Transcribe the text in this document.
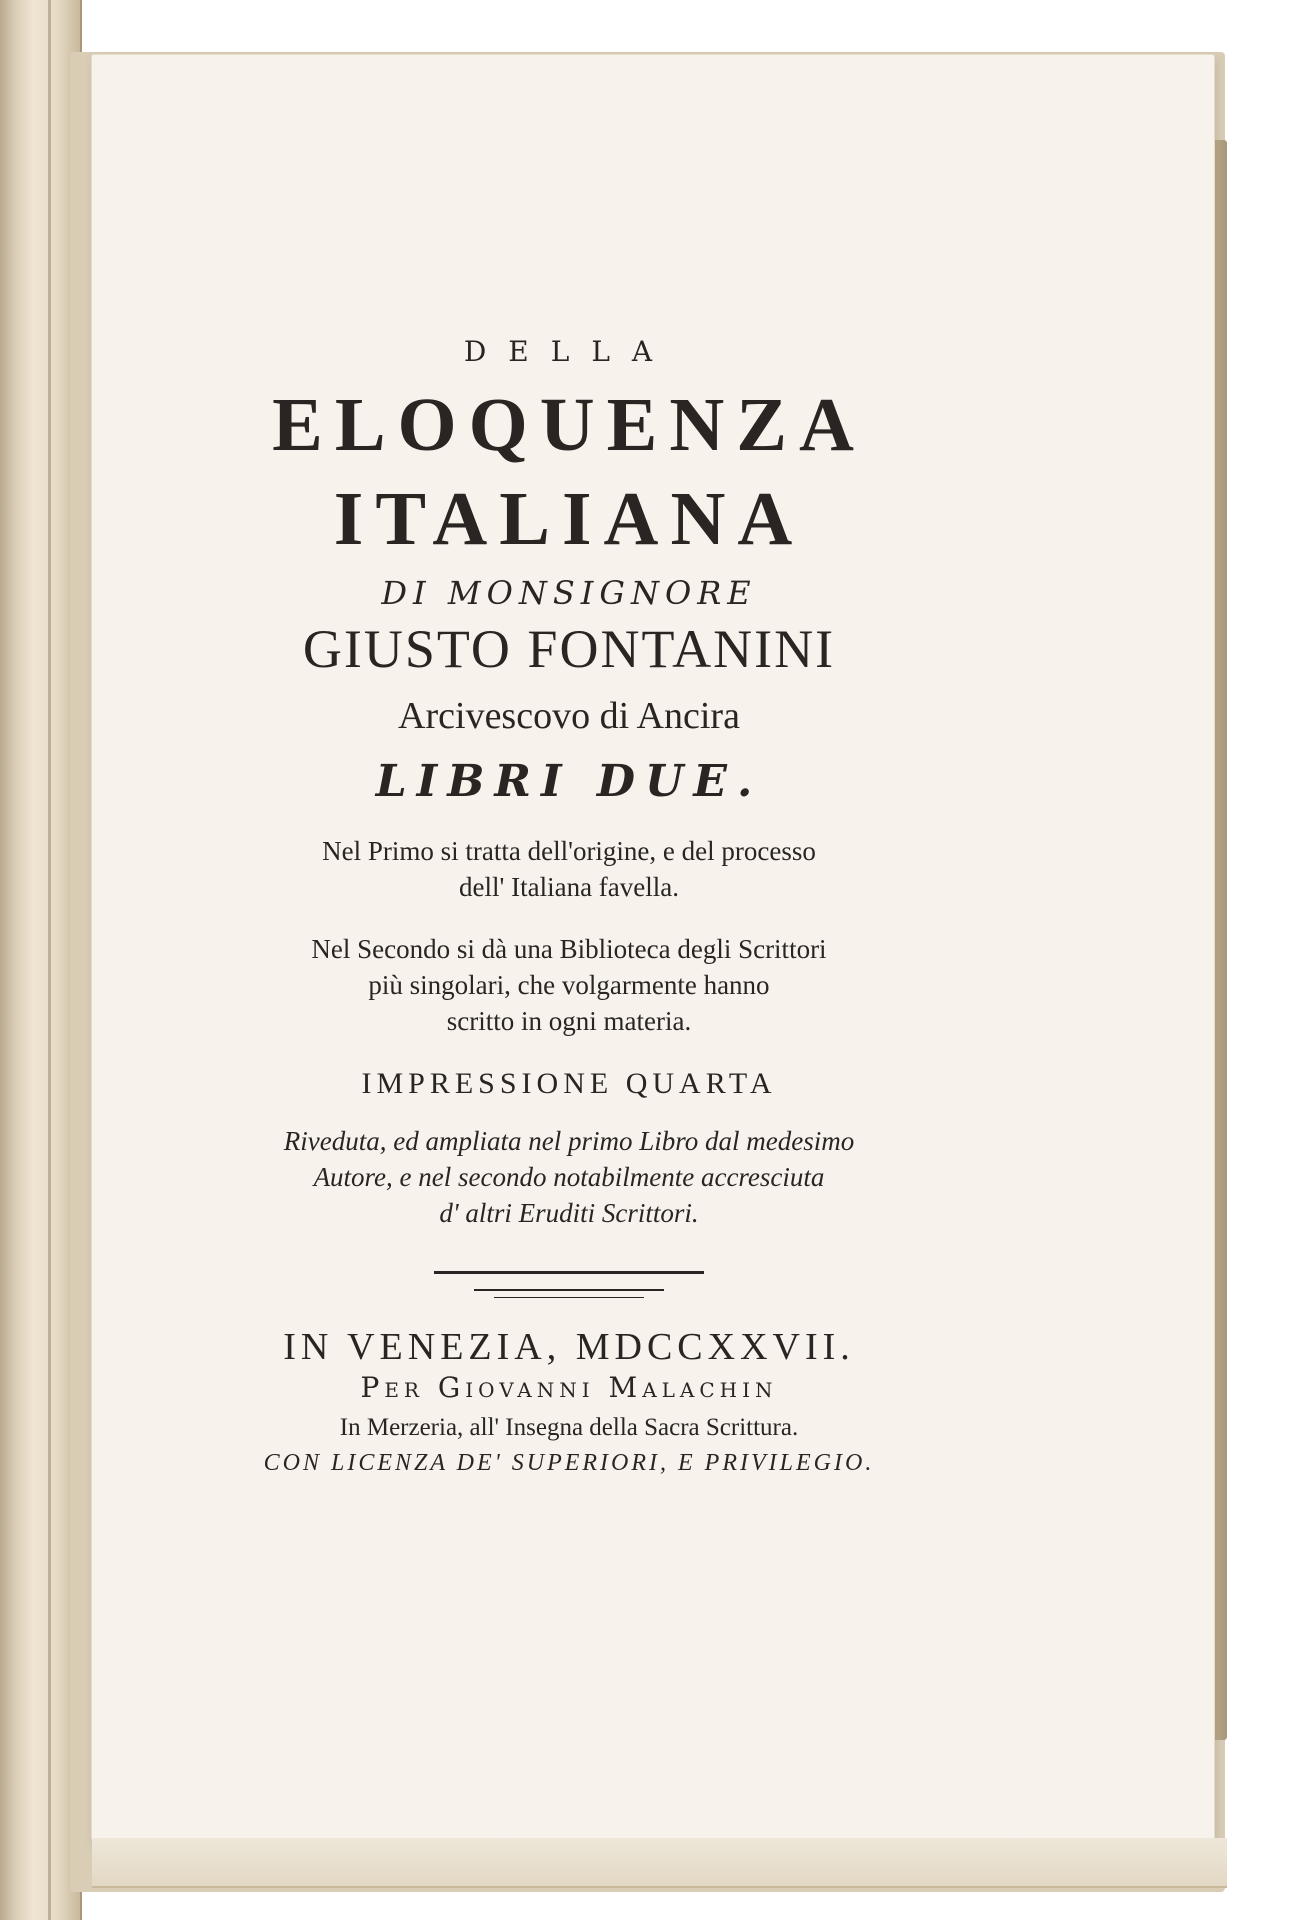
DELLA
ELOQUENZA
ITALIANA
DI MONSIGNORE
GIUSTO FONTANINI
Arcivescovo di Ancira
LIBRI DUE.
Nel Primo si tratta dell'origine, e del processo
dell' Italiana favella.
Nel Secondo si dà una Biblioteca degli Scrittori
più singolari, che volgarmente hanno
scritto in ogni materia.
IMPRESSIONE QUARTA
Riveduta, ed ampliata nel primo Libro dal medesimo
Autore, e nel secondo notabilmente accresciuta
d' altri Eruditi Scrittori.
IN VENEZIA, MDCCXXVII.
Per Giovanni Malachin
In Merzeria, all' Insegna della Sacra Scrittura.
CON LICENZA DE' SUPERIORI, E PRIVILEGIO.
